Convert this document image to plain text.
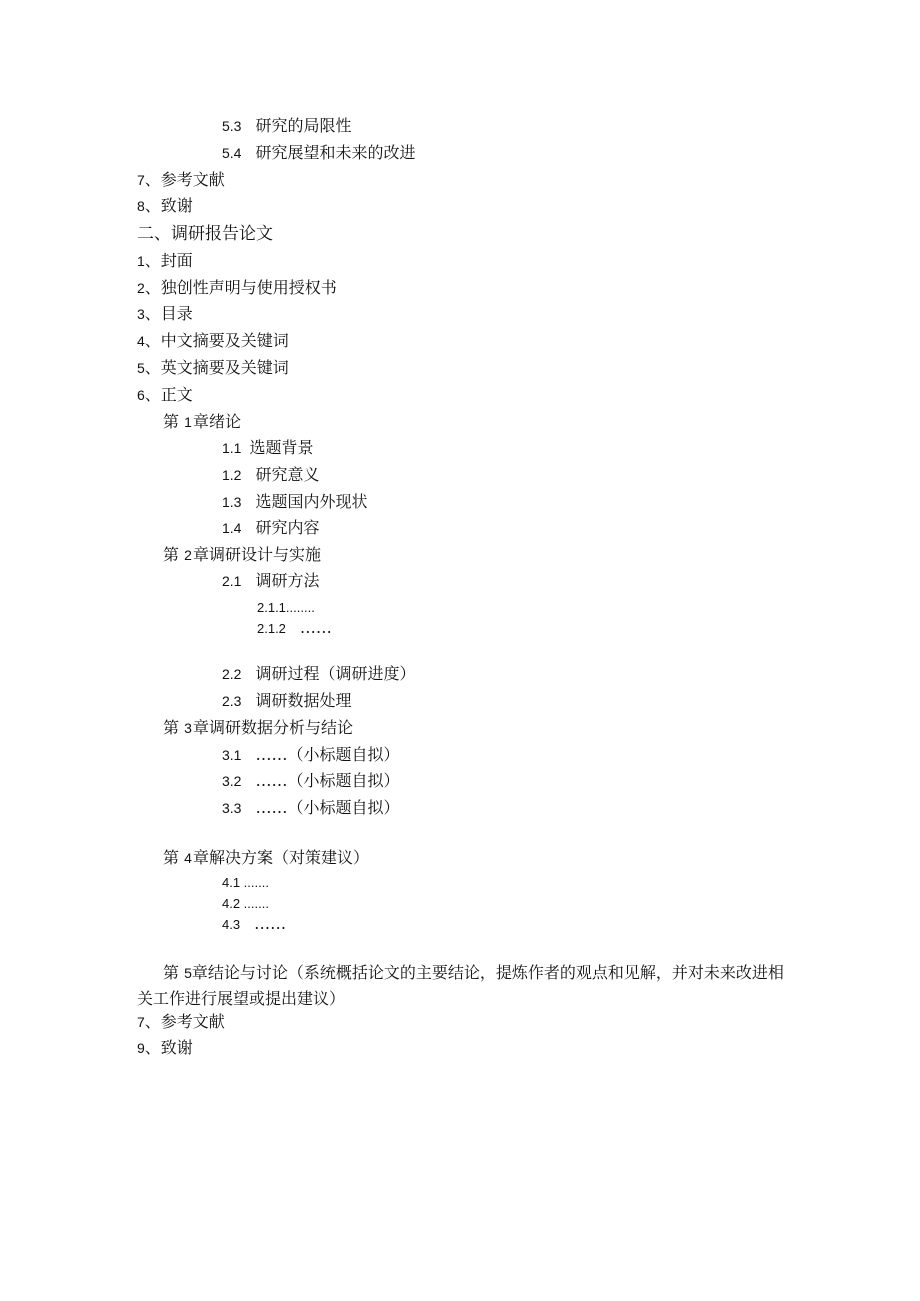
5.3 研究的局限性
5.4 研究展望和未来的改进
7、参考文献
8、致谢
二、调研报告论文
1、封面
2、独创性声明与使用授权书
3、目录
4、中文摘要及关键词
5、英文摘要及关键词
6、正文
第 1 章绪论
1.1 选题背景
1.2 研究意义
1.3 选题国内外现状
1.4 研究内容
第 2 章调研设计与实施
2.1 调研方法
2.1.1........
2.1.2 ……
2.2 调研过程（调研进度）
2.3 调研数据处理
第 3 章调研数据分析与结论
3.1 ……（小标题自拟）
3.2 ……（小标题自拟）
3.3 ……（小标题自拟）
第 4 章解决方案（对策建议）
4.1 .......
4.2 .......
4.3 ……
第 5章结论与讨论（系统概括论文的主要结论，提炼作者的观点和见解，并对未来改进相关工作进行展望或提出建议）
7、参考文献
9、致谢
